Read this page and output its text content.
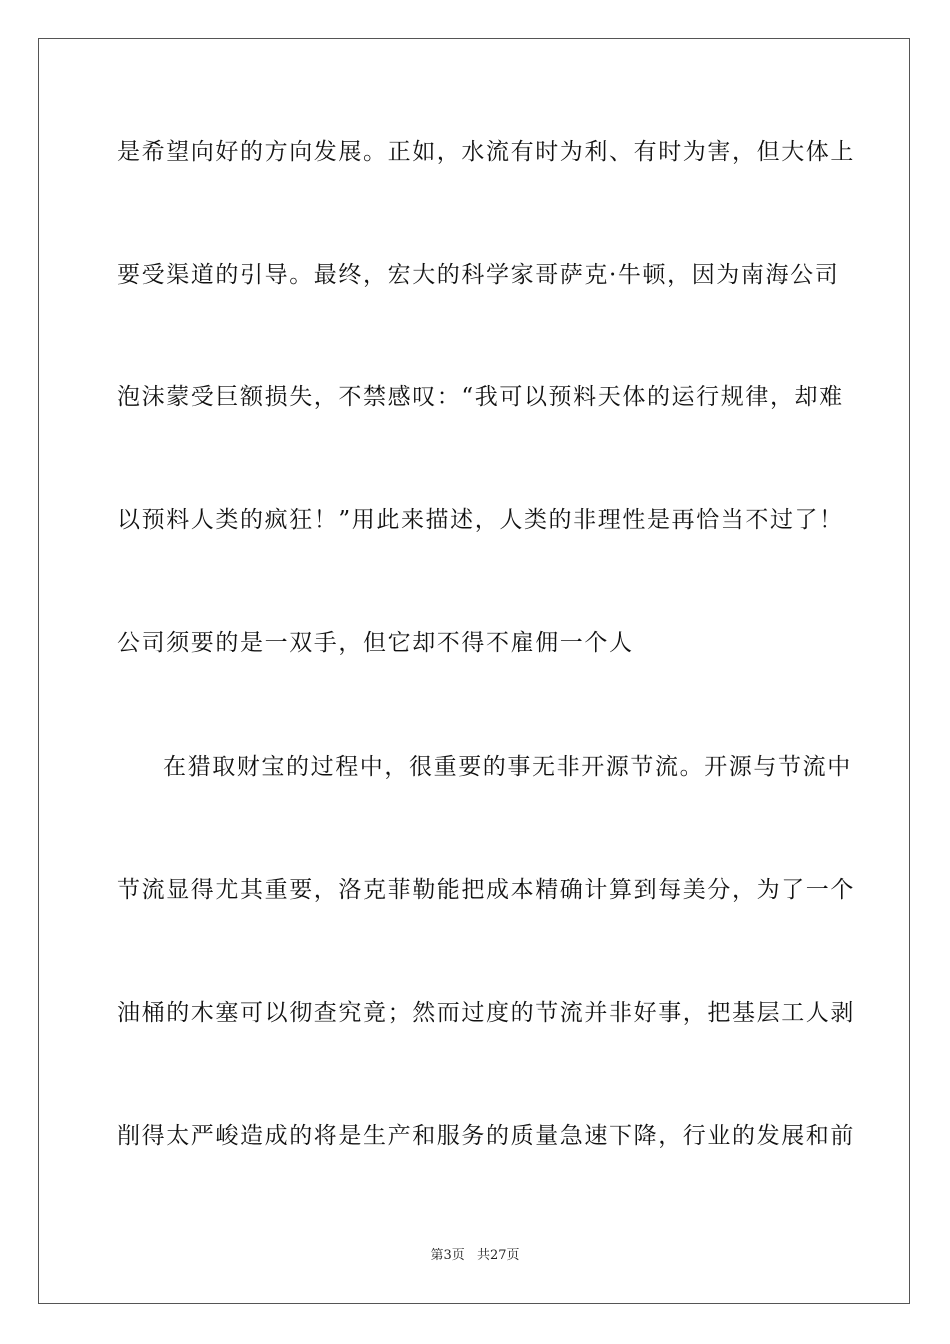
是希望向好的方向发展。正如，水流有时为利、有时为害，但大体上
要受渠道的引导。最终，宏大的科学家哥萨克·牛顿，因为南海公司
泡沫蒙受巨额损失，不禁感叹：“我可以预料天体的运行规律，却难
以预料人类的疯狂！”用此来描述，人类的非理性是再恰当不过了！
公司须要的是一双手，但它却不得不雇佣一个人
在猎取财宝的过程中，很重要的事无非开源节流。开源与节流中
节流显得尤其重要，洛克菲勒能把成本精确计算到每美分，为了一个
油桶的木塞可以彻查究竟；然而过度的节流并非好事，把基层工人剥
削得太严峻造成的将是生产和服务的质量急速下降，行业的发展和前
第3页 共27页
